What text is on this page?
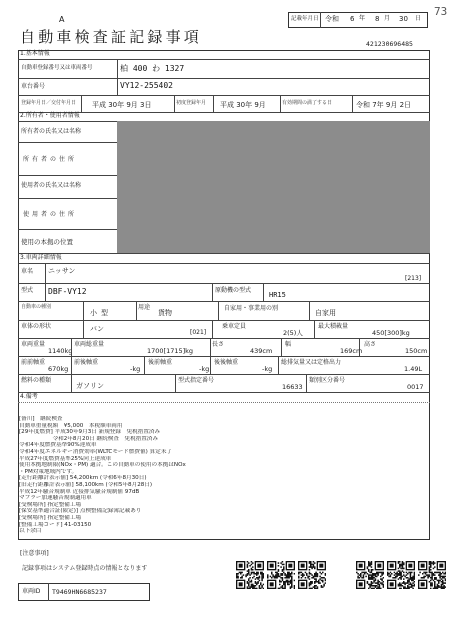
73
A	記載年月日 令和 6 年 8 月 30 日
自動車検査証記録事項	421230696485
1.基本情報
自動車登録番号又は車両番号	柏 400 わ 1327
車台番号	VY12-255402
登録年月日／交付年月日 平成 30年 9月 3日	初度登録年月 平成 30年 9月	有効期間の満了する日	令和 7年 9月 2日
2.所有者・使用者情報
所有者の氏名又は名称
所有者の住所
使用者の氏名又は名称
使用者の住所
使用の本拠の位置
3.車両詳細情報
車名 ニッサン
[213]
型式 DBF-VY12	原動機の型式
HR15
自動車の種別
小型
用途
貨物
自家用・事業用の別
自家用
車体の形状	バン	[021]
乗車定員
2(5)人
最大積載量
450[300]kg
車両重量
1140kg
車両総重量
1700[1715]kg
長さ
439cm
幅
169cm
高さ
150cm
前前軸重
670kg
前後軸重
-kg
後前軸重
-kg
後後軸重
-kg
総排気量又は定格出力
1.49L
燃料の種類
ガソリン
型式指定番号
16633
類別区分番号
0017
4.備考
[备川]　継続検査
自動車重量税額　¥5,000　本税額車両用
[29年度燃費] 平成30年9月3日 新規登録　免税措置済み
　　　　　　令和2年8月20日 継続検査　免税措置済み
令和4年度燃費基準90%達成車
令和4年度エネルギー消費効率(WLTCモード燃費値) 算定未了
平成27年度燃費基準25%向上達成車
使用本拠地制限(NOx・PM) 適合。この自動車の使用の本拠はNOx
・PM対策地域内です。
[走行距離計表示値] 54,200km (令和6年8月30日)
[旧走行距離計表示値] 58,100km (令和5年8月28日)
平成12年騒音規制車 近接排気騒音規制値 97dB
マフラー加速騒音規制適用車
[受検場所] 指定整備工場
[保安基準適合証(限定)] 点検整備記録簿記載あり
[受検場所] 指定整備工場
[整備工場コード] 41-03150
以下余白
[注意事項]
記録事項はシステム登録時点の情報となります
車両ID T9469HN6685237
